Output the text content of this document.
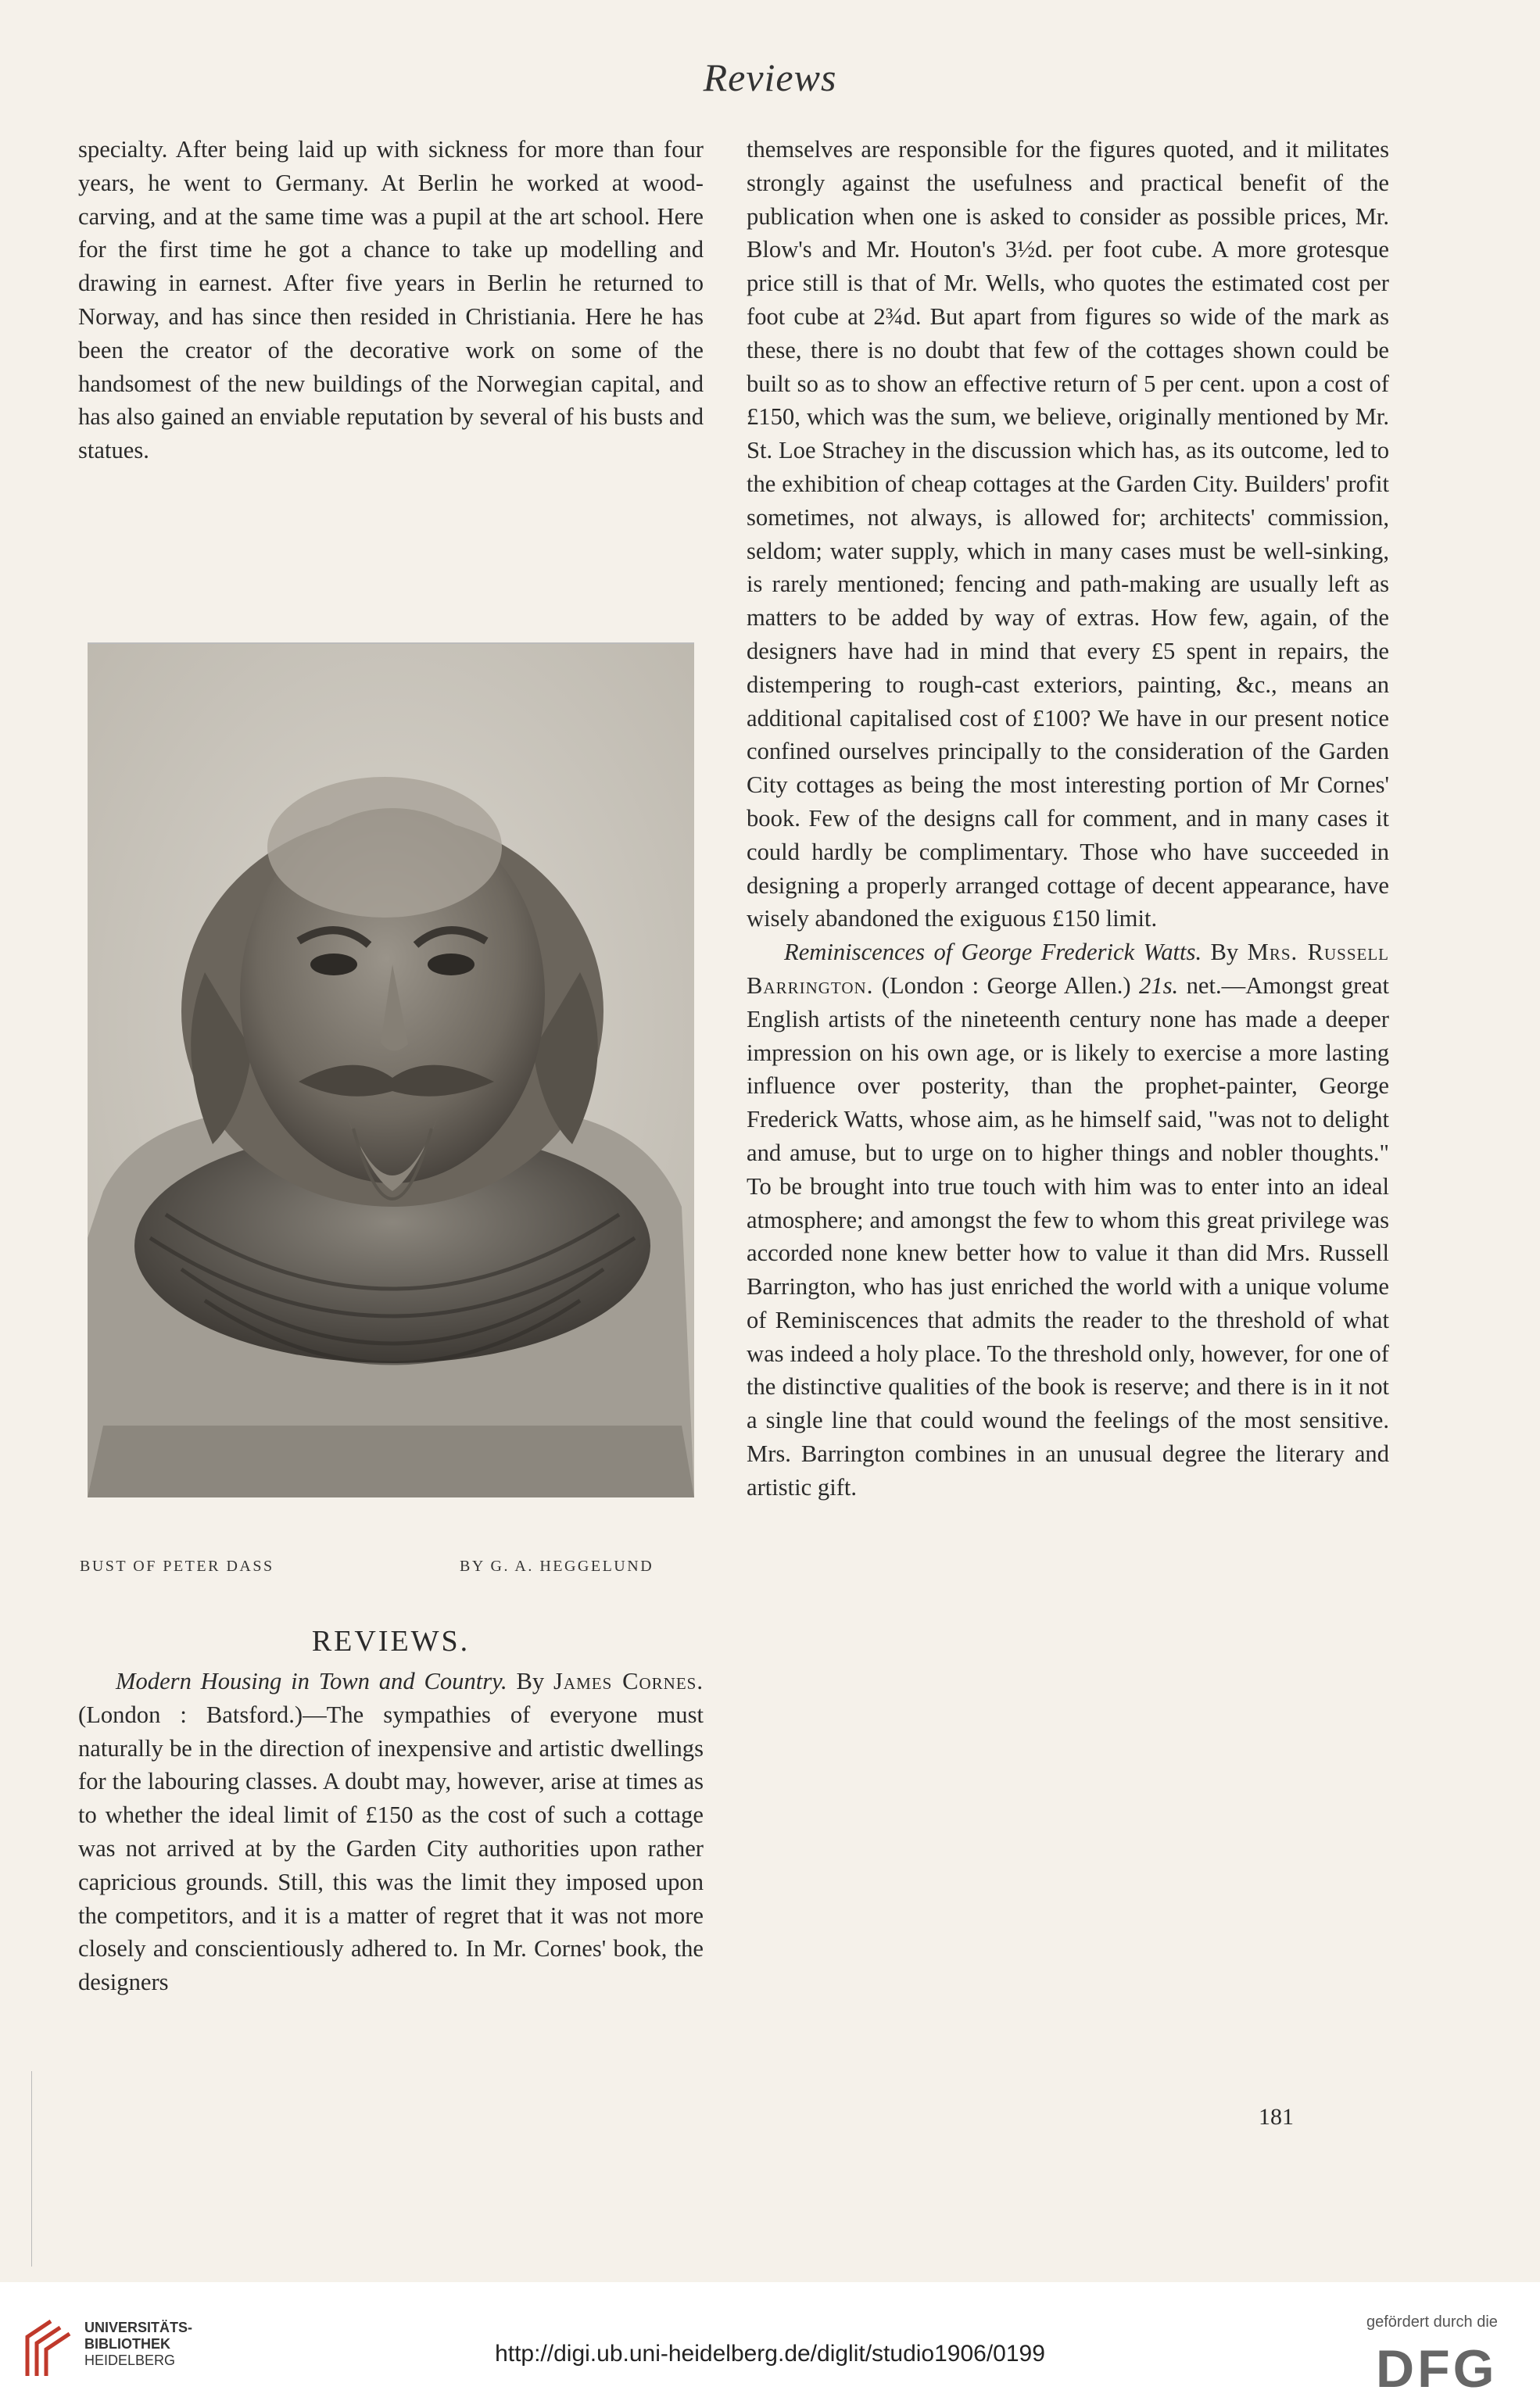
Reviews

specialty. After being laid up with sickness for more than four years, he went to Germany. At Berlin he worked at wood-carving, and at the same time was a pupil at the art school. Here for the first time he got a chance to take up modelling and drawing in earnest. After five years in Berlin he returned to Norway, and has since then resided in Christiania. Here he has been the creator of the decorative work on some of the handsomest of the new buildings of the Norwegian capital, and has also gained an enviable reputation by several of his busts and statues.

BUST OF PETER DASS	BY G. A. HEGGELUND
REVIEWS.

Modern Housing in Town and Country. By James Cornes. (London : Batsford.)—The sympathies of everyone must naturally be in the direction of inexpensive and artistic dwellings for the labouring classes. A doubt may, however, arise at times as to whether the ideal limit of £150 as the cost of such a cottage was not arrived at by the Garden City authorities upon rather capricious grounds. Still, this was the limit they imposed upon the competitors, and it is a matter of regret that it was not more closely and conscientiously adhered to. In Mr. Cornes' book, the designers

themselves are responsible for the figures quoted, and it militates strongly against the usefulness and practical benefit of the publication when one is asked to consider as possible prices, Mr. Blow's and Mr. Houton's 3½d. per foot cube. A more grotesque price still is that of Mr. Wells, who quotes the estimated cost per foot cube at 2¾d. But apart from figures so wide of the mark as these, there is no doubt that few of the cottages shown could be built so as to show an effective return of 5 per cent. upon a cost of £150, which was the sum, we believe, originally mentioned by Mr. St. Loe Strachey in the discussion which has, as its outcome, led to the exhibition of cheap cottages at the Garden City. Builders' profit sometimes, not always, is allowed for; architects' commission, seldom; water supply, which in many cases must be well-sinking, is rarely mentioned; fencing and path-making are usually left as matters to be added by way of extras. How few, again, of the designers have had in mind that every £5 spent in repairs, the distempering to rough-cast exteriors, painting, &c., means an additional capitalised cost of £100? We have in our present notice confined ourselves principally to the consideration of the Garden City cottages as being the most interesting portion of Mr Cornes' book. Few of the designs call for comment, and in many cases it could hardly be complimentary. Those who have succeeded in designing a properly arranged cottage of decent appearance, have wisely abandoned the exiguous £150 limit.

Reminiscences of George Frederick Watts. By Mrs. Russell Barrington. (London : George Allen.) 21s. net.—Amongst great English artists of the nineteenth century none has made a deeper impression on his own age, or is likely to exercise a more lasting influence over posterity, than the prophet-painter, George Frederick Watts, whose aim, as he himself said, "was not to delight and amuse, but to urge on to higher things and nobler thoughts." To be brought into true touch with him was to enter into an ideal atmosphere; and amongst the few to whom this great privilege was accorded none knew better how to value it than did Mrs. Russell Barrington, who has just enriched the world with a unique volume of Reminiscences that admits the reader to the threshold of what was indeed a holy place. To the threshold only, however, for one of the distinctive qualities of the book is reserve; and there is in it not a single line that could wound the feelings of the most sensitive. Mrs. Barrington combines in an unusual degree the literary and artistic gift.

181
UNIVERSITÄTS-
BIBLIOTHEK
HEIDELBERG	http://digi.ub.uni-heidelberg.de/diglit/studio1906/0199
gefördert durch die
DFG
